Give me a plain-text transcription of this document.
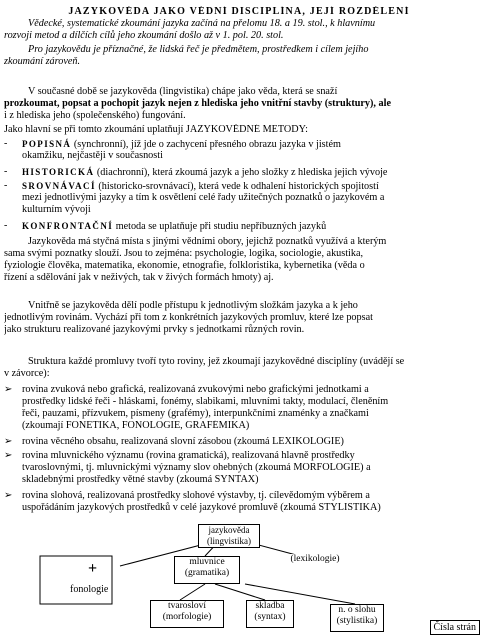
JAZYKOVĚDA JAKO VĚDNÍ DISCIPLÍNA, JEJÍ ROZDĚLENÍ
Vědecké, systematické zkoumání jazyka začíná na přelomu 18. a 19. stol., k hlavnímu
rozvoji metod a dílčích cílů jeho zkoumání došlo až v 1. pol. 20. stol.
Pro jazykovědu je příznačné, že lidská řeč je předmětem, prostředkem i cílem jejího
zkoumání zároveň.
V současné době se jazykověda (lingvistika) chápe jako věda, která se snaží
prozkoumat, popsat a pochopit jazyk nejen z hlediska jeho vnitřní stavby (struktury), ale
i z hlediska jeho (společenského) fungování.
Jako hlavní se při tomto zkoumání uplatňují JAZYKOVĚDNÉ METODY:
- POPISNÁ (synchronní), jíž jde o zachycení přesného obrazu jazyka v jistém
okamžiku, nejčastěji v současnosti
- HISTORICKÁ (diachronní), která zkoumá jazyk a jeho složky z hlediska jejich vývoje
- SROVNÁVACÍ (historicko-srovnávací), která vede k odhalení historických spojitostí
mezi jednotlivými jazyky a tím k osvětlení celé řady užitečných poznatků o jazykovém a
kulturním vývoji
- KONFRONTAČNÍ metoda se uplatňuje při studiu nepříbuzných jazyků
Jazykověda má styčná místa s jinými vědními obory, jejichž poznatků využívá a kterým
sama svými poznatky slouží. Jsou to zejména: psychologie, logika, sociologie, akustika,
fyziologie člověka, matematika, ekonomie, etnografie, folkloristika, kybernetika (věda o
řízení a sdělování jak v neživých, tak v živých formách hmoty) aj.
Vnitřně se jazykověda dělí podle přístupu k jednotlivým složkám jazyka a k jeho
jednotlivým rovinám. Vychází při tom z konkrétních jazykových promluv, které lze popsat
jako strukturu realizované jazykovými prvky s jednotkami různých rovin.
Struktura každé promluvy tvoří tyto roviny, jež zkoumají jazykovědné disciplíny (uvádějí se
v závorce):
➢ rovina zvuková nebo grafická, realizovaná zvukovými nebo grafickými jednotkami a
prostředky lidské řeči - hláskami, fonémy, slabikami, mluvními takty, modulací, členěním
řeči, pauzami, přízvukem, písmeny (grafémy), interpunkčními znaménky a značkami
(zkoumají FONETIKA, FONOLOGIE, GRAFÉMIKA)
➢ rovina věcného obsahu, realizovaná slovní zásobou (zkoumá LEXIKOLOGIE)
➢ rovina mluvnického významu (rovina gramatická), realizovaná hlavně prostředky
tvaroslovnými, tj. mluvnickými významy slov ohebných (zkoumá MORFOLOGIE) a
skladebnými prostředky větné stavby (zkoumá SYNTAX)
➢ rovina slohová, realizovaná prostředky slohové výstavby, tj. cílevědomým výběrem a
uspořádáním jazykových prostředků v celé jazykové promluvě (zkoumá STYLISTIKA)
jazykověda (lingvistika)
+
fonologie
mluvnice (gramatika)
(lexikologie)
tvarosloví (morfologie)
skladba (syntax)
n. o slohu (stylistika)
Čísla strán
